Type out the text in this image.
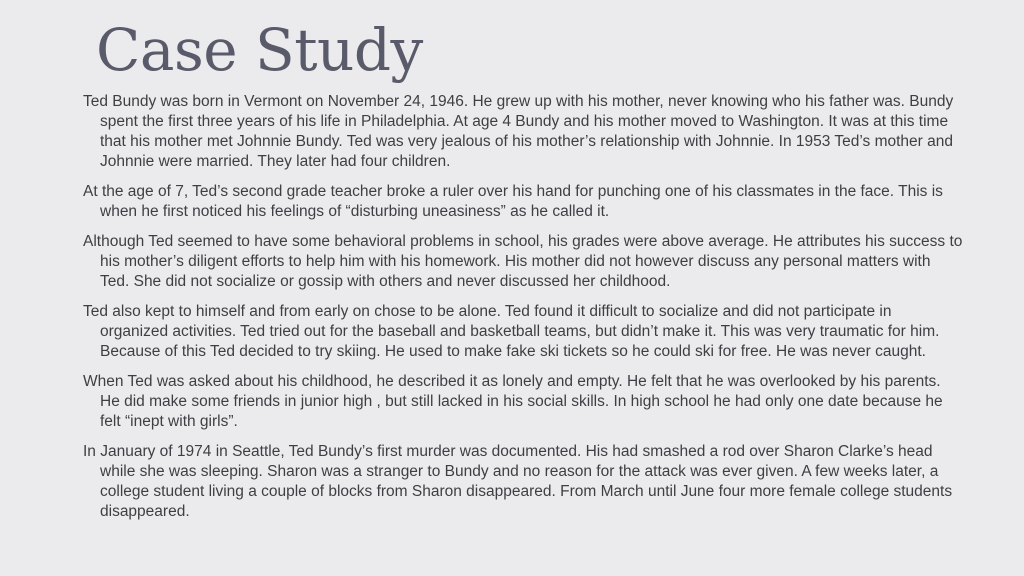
Case Study

Ted Bundy was born in Vermont on November 24, 1946. He grew up with his mother, never knowing who his father was. Bundy spent the first three years of his life in Philadelphia. At age 4 Bundy and his mother moved to Washington. It was at this time that his mother met Johnnie Bundy. Ted was very jealous of his mother’s relationship with Johnnie. In 1953 Ted’s mother and Johnnie were married. They later had four children.

At the age of 7, Ted’s second grade teacher broke a ruler over his hand for punching one of his classmates in the face. This is when he first noticed his feelings of “disturbing uneasiness” as he called it.

Although Ted seemed to have some behavioral problems in school, his grades were above average. He attributes his success to his mother’s diligent efforts to help him with his homework. His mother did not however discuss any personal matters with Ted. She did not socialize or gossip with others and never discussed her childhood.

Ted also kept to himself and from early on chose to be alone. Ted found it difficult to socialize and did not participate in organized activities. Ted tried out for the baseball and basketball teams, but didn’t make it. This was very traumatic for him. Because of this Ted decided to try skiing. He used to make fake ski tickets so he could ski for free. He was never caught.

When Ted was asked about his childhood, he described it as lonely and empty. He felt that he was overlooked by his parents. He did make some friends in junior high , but still lacked in his social skills. In high school he had only one date because he felt “inept with girls”.

In January of 1974 in Seattle, Ted Bundy’s first murder was documented. His had smashed a rod over Sharon Clarke’s head while she was sleeping. Sharon was a stranger to Bundy and no reason for the attack was ever given. A few weeks later, a college student living a couple of blocks from Sharon disappeared. From March until June four more female college students disappeared.
